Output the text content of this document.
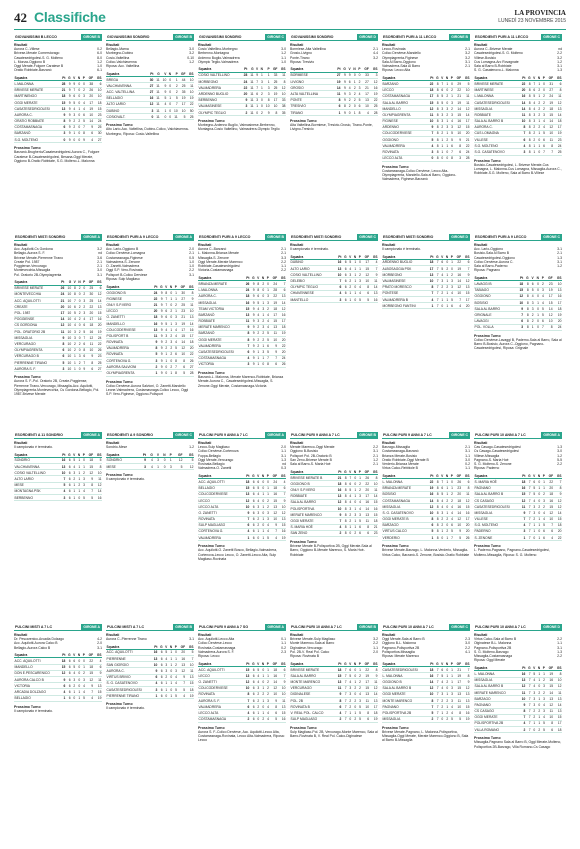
42 Classifiche	LA PROVINCIA
LUNEDÌ 23 NOVEMBRE 2015
GIOVANISSIMI B LECCO	GIRONE B
Risultati
Aurora C.-Villese	0-2
Brivese-Merate Comerstorago	6-0
Casatesedrigolesi-S. G. Molteno	8-0
L. Monza-Oggiono B	1-2
Oggi Merate-Folgore Caratese B	1-0
Oratio Robbiate-Barzanò	6-1
Squadra	Pt	G	V	N	P	GF	GS
L.MALONNA	28	9	9	0	0	38	6
BRIVESE MERATE	21	9	7	0	2	26	10
MARTINENGO	18	9	6	0	3	20	10
OGGI MERATE	15	9	5	0	4	17	18
CASATESEDRIGOLESI	13	9	4	1	4	19	15
AURORA C.	9	9	3	0	6	10	23
ORATIO ROBBIATE	8	9	2	2	5	14	24
COSTAMASNAGA	6	9	2	0	7	9	25
BARZANÒ	3	9	1	0	8	6	30
S.G. MOLTENO	0	9	0	0	9	4	27
Prossimo Turno
Barzanò-Brugherio/Casatesedrigolesi-Aurora C., Folgore Caratese B-Casatesedrigolesi, Besana-Oggi Merate, Oggiono B-Oratio Robbiate, S.G. Molteno-L. Malonna
GIOVANISSIMI SONDRIO	GIRONE B
Risultati
Bellagio-Marna	3-0
Morbegno-Dubino	3-2
Cosio-Valtellina	0-10
Colico-Valchiavenna	1-2
Riposa: Acc. Valtellina
Squadra	Pt	G	V	N	P	GF	GS
BREGA	30	11	10	0	1	44	10
VALCHIAVENNA	27	11	9	0	2	25	11
ACC. VALTELLINA	27	11	9	0	2	35	10
BELLAGIO	16	11	5	1	5	19	19
ALTO LARIO	12	11	4	0	7	17	22
DUBINO	3	11	1	0	10	10	50
COSIOVALT.	0	11	0	0	11	5	25
Prossimo Turno
Alto Lario-Acc. Valtellina, Dubino-Colico, Valchiavenna-Morbegno, Riposa: Cosio-Valtellina
GIOVANISSIMI SONDRIO	GIRONE C
Risultati
Cosio Valtellino-Morbegno	3-0
Berbenno-Montagna	1-2
Ardenno Buglio-Valmadrera	1-1
Olympic Teglio-Valmadrera	1-0
Squadra	Pt	G	V	N	P	GF	GS
COSIO VALTELLINO	28	11	9	1	1	33	11
MORBEGNO	24	11	7	3	1	25	8
VALMADRERA	22	11	7	1	3	25	12
ARDENNO BUGLIO	20	11	6	2	3	19	10
BERBENNO	9	11	3	0	8	17	33
VALMASINESE	3	11	1	0	10	10	38
OLYMPIC TEGLIO	2	11	0	2	9	8	35
Prossimo Turno
Morbegno-Ardenno Buglio, Valmasinese-Berbenno, Montagna-Cosio Valtellino, Valmadrera-Olympic Teglio
GIOVANISSIMI SONDRIO	GIRONE D
Risultati
Bormiese-Alta Valtellina	2-1
Grosio-Livigno	4-4
Ponte-Tirano	3-2
Riposa: Tresivio
Squadra	Pt	G	V	N	P	GF	GS
BORMIESE	27	9	9	0	0	33	3
LIVIGNO	19	9	6	1	2	27	12
GROSIO	14	9	4	2	3	21	16
ALTA VALTELLINA	11	9	3	2	4	17	19
PONTE	8	9	2	2	5	13	22
TRESIVIO	6	8	2	0	6	10	25
TIRANO	1	9	0	1	8	4	28
Prossimo Turno
Alta Valtellina-Bormiese, Tresivio-Grosio, Tirano-Ponte, Livigno-Tresivio
ESORDIENTI PURI A 11 LECCO	GIRONE B
Risultati
Lecco-Rovinata	2-1
Colico Derviese-Mandello	3-2
Olympiagrenta-Figinese	3-2
Sala Al Barro-Oggiono	3-1
Valmadrera-Sala Al Barro	2-1
Riposa: Lecco Alta
Squadra	Pt	G	V	N	P	GF	GS
BARZANO	22	8	7	1	0	29	5
LECCO	18	8	6	0	2	22	10
COSTAMASNAGA	17	8	5	2	1	21	11
SALA AL BARRO	15	8	5	0	3	19	11
MANDELLO	12	8	3	3	2	14	12
OLYMPIAGRENTA	11	8	3	2	3	15	14
FIGINESE	10	8	3	1	4	16	17
ARDENNO	9	8	2	3	3	12	15
COLICODERVIESE	7	8	2	1	5	10	20
OGGIONO	5	8	1	2	5	9	21
VALMADRERA	4	8	1	1	6	8	22
ROVINATA	3	8	1	0	7	6	24
LECCO ALTA	0	8	0	0	8	3	28
Prossimo Turno
Costamasnaga-Colico Derviese, Lecco Alta-Olympiagrenta, Mandello-Sala al Barro, Oggiono-Valmadrera, Figinese-Barzanò
ESORDIENTI PURI A 11 LECCO	GIRONE C
Risultati
Aurora C.-Brivese Merate	nd
Casatesedrigolesi-S. G. Molteno	2-2
Villese-Bosisio	3-2
Cus Lomagna-Arc Rovagnate	1-2
Sala al Barro B-Robbiate	3-1
S. G. Casatenovo-L. Malonna	1-3
Squadra	Pt	G	V	N	P	GF	GS
BRIVESE MERATE	22	8	7	1	0	31	6
MARTINESE	20	8	6	2	0	27	8
L.MALONNA	16	8	5	1	2	24	11
CASATESEDRIGOLESI	14	8	4	2	2	19	12
MISSAGLIA	14	8	4	2	2	18	13
ROBBIATE	11	8	3	2	3	15	14
SALA AL BARRO B	10	8	3	1	4	14	18
AURORA C.	8	8	2	2	4	12	17
CUS LOMAGNA	7	8	2	1	5	10	19
VILLESE	6	8	2	0	6	11	23
S.G. MOLTENO	4	8	1	1	6	8	24
S.G. CASATENOVO	3	8	1	0	7	7	25
Prossimo Turno
Bosisio-Casatesedrigolesi, L. Brivese Merate-Cus Lomagna, L. Malonna-Cus Lomagna, Missaglia-Aurora C., Robbiate-S.G. Molteno, Sala al Barro B-Villese
ESORDIENTI MISTI SONDRIO	GIRONE A
Risultati
Acc. Aquilotti-Cs Gordona	3-2
Bellagio-Aurora S. F.	nd
Brivese Merate-Pierrenne Tirano	3-6
Create Pol. 1987	2-1
Poggiense-Vercurago	2-1
Montevecchia-Missaglia	3-0
Pol. Oratorio 2B-Olympiagrenta	3-1
Squadra	Pt	G	V	N	P	GF	GS
BRIVESE MERATE	26	10	8	2	0	25	6
MONTEVECCHIA	24	10	8	0	2	30	12
ACC. AQUILOTTI	21	10	7	0	3	25	14
CREATE	20	10	6	2	2	22	13
POL. 1987	17	10	5	2	3	20	15
POGGIENSE	14	10	4	2	4	17	16
CS GORDONA	12	10	4	0	6	18	20
POL. ORATORIO 2B	11	10	3	2	5	16	19
MISSAGLIA	9	10	3	0	7	12	24
VERCURAGO	8	10	2	2	6	11	22
OLYMPIAGRENTA	6	10	2	0	8	10	26
VERCURAGO B	6	10	1	3	6	9	23
PIERRENNE TIRANO	5	10	1	2	7	8	25
AURORA S. F.	3	10	1	0	9	6	27
Prossimo Turno
Aurora S. F.-Pol. Oratorio 2B, Create-Poggiense, Pierrenne Tirano-Vercurago, Missaglia-Acc. Aquilotti, Olympiagrenta-Montevecchia, Cs Gordona-Bellagio, Pol. 1987-Brivese Merate
ESORDIENTI PURI A 9 LECCO	GIRONE A
Risultati
Acc. Lario-Oggiono B	2-0
Colico Derviese-Lomagna	2-1
Costamasnaga-Figinese	0-5
Valmadrera-S. Zenone	1-0
O. Zanetti-Valmadrera	1-0
Oggi S.P. Vero-Rovinata	2-2
Polisport B-Colico Derviese	3-1
Riposa: Sulp Magliaso
Squadra	Pt	G	V	N	P	GF	GS
OGGIONO B	24	9	8	0	1	30	8
FIGINESE	22	9	7	1	1	27	9
ONLY S.P.VERO	21	9	7	0	2	25	11
LECCO	20	9	6	2	1	23	10
O. ZANETTI	18	9	6	0	3	21	13
MANDELLO	16	9	5	1	3	19	14
COLICODERVIESE	13	9	4	1	4	17	16
POLISPORT B	11	9	3	2	4	15	17
ROVINATA	9	9	2	3	4	14	18
VALMADRERA	8	9	2	2	5	12	20
ROVINATA	5	9	1	2	6	10	22
CORTENOVA G.	3	9	1	0	8	8	26
AURORA SALVIONI	2	9	0	2	7	6	27
OLYMPIAGRENTA	1	9	0	1	8	5	28
Prossimo Turno
Colico Derviese-Aurora Salvioni, O. Zanetti-Mandello Leone-Valmadrera, Costamasnaga-Colico Lecco, Oggi S.P. Vero-Figinese, Oggiono-Polisport
ESORDIENTI PURI A 9 LECCO	GIRONE B
Risultati
Aurora C.-Barzanò	2-1
L. Malonna-Brianza Merate	2-1
Missaglia-S. Zenone	3-3
Oggi Merate-Merate Marenco	2-2
Robbiate-Casatesedrigolesi	1-1
Victoria-Costamasnaga	2-2
Squadra	Pt	G	V	N	P	GF	GS
BRIANZA MERATE	26	9	8	2	0	24	7
L.MALONNA	24	9	8	0	1	28	6
AURORA C.	18	9	6	0	3	22	13
MISSAGLIA	16	9	5	1	3	19	14
TEAM VICTORIA	15	9	4	3	2	18	12
BARZANÒ	13	9	4	1	4	17	16
ROBBIATE	11	9	3	2	4	15	17
MERATE MARENCO	9	9	2	3	4	13	18
BARZANÒ	8	9	2	2	5	11	19
OGGI MERATE	8	9	2	2	5	10	20
VALMADRERA	7	9	2	1	6	9	22
CASATESEDRIGOLESI	6	9	1	3	5	9	20
COSTAMASNAGA	4	9	1	1	7	7	24
VICTORIA	3	9	1	0	8	6	26
Prossimo Turno
Barzanò-L. Malonna, Merate Marenco-Robbiate, Brianza Merate-Aurora C., Casatesedrigolesi-Missaglia, S. Zenone-Oggi Merate, Costamasnaga-Victoria
ESORDIENTI MISTI SONDRIO	GIRONE C
Risultati
Il campionato è terminato.
Squadra	Pt	G	V	N	P	GF	GS
DUBINO	16	6	5	1	0	17	4
ALTO LARIO	13	6	4	1	1	15	7
COSIO VALTELLINO	10	6	3	1	2	12	9
DELEBIO	7	6	2	1	3	10	11
OLYMPIC TEGLIO	6	6	2	0	4	8	14
CHIAVENNESE	4	6	1	1	4	6	13
MANTELLO	3	6	1	0	5	5	16
ESORDIENTI MISTI SONDRIO	GIRONE D
Risultati
Il campionato è terminato.
Squadra	Pt	G	V	N	P	GF	GS
ARDENNO BUGLIO	18	7	6	0	1	22	6
ALBOSAGGIA PSK	17	7	5	2	0	19	7
MORBEGNO	13	7	4	1	2	16	9
VALMASINESE	10	7	3	1	3	14	12
PRATO MORESCO	8	7	2	2	3	12	13
PONTESE	7	7	2	1	4	10	15
VALMADRERA B	4	7	1	1	5	7	17
MORBEGNO FANTINI	1	7	0	1	6	4	20
ESORDIENTI PURI A 9 LECCO	GIRONE C
Risultati
Acc. Lario-Oggiono	3-1
Bosisio-Sala Al Barro B	2-1
Casatesedrigolesi-Oggiono	1-3
Colico Derviese-Aurora C.	3-1
Sala al Barro-Paderno	1-2
Riposa: Pagnano
Squadra	Pt	G	V	N	P	GF	GS
LAVAGGI B	18	8	6	0	2	23	10
TABIAGO	15	8	5	0	3	19	13
OGGIONO	12	8	4	0	4	17	16
BOSISIO	10	8	3	1	4	15	17
SALA AL BARRO	9	8	3	0	5	14	18
GRIGNALE	7	8	2	1	5	12	19
LAVAGGI	6	8	2	0	6	10	20
POL. VOLLA	3	8	1	0	7	8	24
Prossimo Turno
Colico Derviese-Lavaggi B, Paderno-Sala al Barro, Sala al Barro B-Bosisio, Aurora C.-Oggiono, Pagnano-Casatesedrigolesi, Riposa: Grignale
ESORDIENTI A 11 SONDRIO	GIRONE A
Risultati
Il campionato è terminato.
Squadra	Pt	G	V	N	P	GF	GS
SONDRIO	16	6	5	1	0	18	5
VALCHIAVENNA	13	6	4	1	1	15	8
COSIO VALTELLINO	10	6	3	1	2	12	10
ALTO LARIO	7	6	2	1	3	9	11
MESE	5	6	1	2	3	8	12
MONTAGNA PSK	4	6	1	1	4	7	14
BERBENNO	3	6	1	0	5	5	16
ESORDIENTI A 9 SONDRIO	GIRONE C
Risultati
Sondrio-Mese	1-2
Squadra	Pt	G	V	N	P	GF	GS
SONDRIO	9	4	3	0	1	12	5
MESE	3	4	1	0	3	5	12
Prossimo Turno
Il campionato è terminato.
PULCINI PURI 9 ANNI A 7 LC	GIRONE A
Risultati
Lecco-Sulp Magliaso	2-0
Colico Derviese-Cortenova	1-1
Foppa-Bellagio	3-1
Oggi Merate-Vercurago	1-3
Rovinata-Bellagio	nd
Valmadrera-O. Zanetti	0-3
Squadra	Pt	G	V	N	P	GF	GS
ACC. AQUILOTTI	18	6	6	0	0	24	4
BELLAGIO	15	6	5	0	1	18	6
COLICODERVIESE	13	6	4	1	1	16	7
LECCO	12	6	4	0	2	15	9
LECCO ALTA	10	6	3	1	2	13	10
O. ZANETTI	9	6	3	0	3	12	12
ROVINATA	7	6	2	1	3	10	13
SULP MAGLIASO	6	6	2	0	4	9	15
CORTENOVA G.	4	6	1	1	4	7	16
VALMADRERA	1	6	0	1	5	4	19
Prossimo Turno
Acc. Aquilotti-O. Zanetti Bosco, Bellagio-Valmadrera, Cortenova-Lecco Lecco, O. Zanetti-Lecco Alta, Sulp Magliaso-Rovinata
PULCINI PURI 9 ANNI A 7 LC	GIRONE B
Risultati
Merate Marenco-Oggi Merate	2-2
Oggiono B-Bosisio	3-1
Polisport Pol. 2B-Oratorio B	2-1
San Zeno-Brivese Merate B	1-2
Sala al Barro-S. Maria Hoè	2-1
Squadra	Pt	G	V	N	P	GF	GS
BRIVESE MERATE B	21	8	7	0	1	26	8
OGGIONO B	18	8	6	0	2	22	10
ONLY S.P.VERO	16	8	5	1	2	20	11
ROBBIATE	13	8	4	1	3	17	14
SALA AL BARRO	12	8	4	0	4	16	15
POLISPORTIVA	10	8	3	1	4	14	16
MERATE MARENCO	9	8	2	3	3	13	15
OGGI MERATE	7	8	2	1	5	11	18
S. MARIA HOÈ	4	8	1	1	6	8	21
SAN ZENO	2	8	0	2	6	6	23
Prossimo Turno
Brivese Merate B-Polisportiva 2B, Oggi Merate-Sala al Barro, Oggiono B-Merate Marenco, S. Maria Hoè-Robbiate
PULCINI PURI 9 ANNI A 7 LC	GIRONE C
Risultati
Barzago-Missaglia	2-1
Costamasnaga-Barzanò	3-1
Brianza Merate-Bosisio	1-1
Oratio Robbiate-Oggi Merate B	3-0
Verderio-Brianza Merate	0-2
Virtus Calco-Rebbiole B	1-1
Squadra	Pt	G	V	N	P	GF	GS
L. MALONNA	22	8	7	1	0	26	6
BRIANZA MERATE	19	8	6	1	1	23	8
BOSISIO	16	8	5	1	2	20	11
COSTAMASNAGA	14	8	4	2	2	18	12
MISSAGLIA	12	8	4	0	4	16	15
S. G. CASATENOVO	10	8	3	1	4	14	16
OGGI MERATE B	8	8	2	2	4	12	17
BARZAGO	6	8	2	0	6	10	20
VIRTUS CALCO	5	8	1	2	5	9	20
VERDERIO	1	8	0	1	7	5	26
Prossimo Turno
Brivese Merate-Barzago, L. Malonna-Verderio, Missaglia-Virtus Calco, Barzanò-S. Zenone, Bosisio-Oratio Robbiate
PULCINI PURI 10 ANNI A 7 LC	GIRONE A
Risultati
Cas Casago-Casatesedrigolesi	1-3
Cs Casago-Casatesedrigolesi	3-0
Villese-Missaglia	1-2
Pagnano-S. Maria Hoè	5-5
S. G. Molteno-S. Zenone	2-2
Riposa: Paderno
Squadra	Pt	G	V	N	P	GF	GS
S. MARIA HOÈ	18	7	6	0	1	22	7
PAGNANO	16	7	5	1	1	20	8
SALA AL BARRO B	15	7	5	0	2	18	9
CS CASAGO	12	7	4	0	3	16	12
CASATESEDRIGOLESI	11	7	3	2	2	15	12
MISSAGLIA	9	7	3	0	4	12	14
VILLESE	7	7	2	1	4	10	15
S.G. MOLTENO	4	7	1	1	5	7	18
PADERNO	3	7	1	0	6	6	20
S. ZENONE	1	7	0	1	6	4	22
Prossimo Turno
L. Paderno-Pagnano, Pagnano-Casatesedrigolesi, Molteno-Missaglia, Riposa: S. G. Molteno
PULCINI MISTI A 7 LC	GIRONE A
Risultati
Dr. Pescarenico-Arcadia Dolzago	4-2
Acc. Aquilotti-Aurora Calco B	2-0
Bellagio-Aurora Calco B	3-1
Squadra	Pt	G	V	N	P	GF	GS
ACC. AQUILOTTI	18	6	6	0	0	22	4
MANDELLO	15	6	5	0	1	18	6
DON E.PESCARENICO	12	6	4	0	2	15	9
AURORA CALCO B	9	6	3	0	3	12	11
VICTORIA	6	6	2	0	4	9	13
ARCADIA DOLZAGO	4	6	1	1	4	7	15
BELLAGIO	1	6	0	1	5	4	19
Prossimo Turno
Il campionato è terminato.
PULCINI MISTI A 7 LC	GIRONE B
Risultati
Aurora C.-Pierrenne Tirano	3-1
Squadra	Pt	G	V	N	P	GF	GS
ACC. AQUILOTTI	16	6	5	1	0	20	5
PIERRENNE	13	6	4	1	1	16	7
SAN GIORGIO	10	6	3	1	2	13	10
AURORA C.	9	6	3	0	3	12	11
VIRTUS BRIVIO	6	6	2	0	4	9	13
S. G. CASATENOVO	4	6	1	1	4	7	15
CASATESEDRIGOLESI	3	6	1	0	5	5	18
PIERRENNE TIRANO	1	6	0	1	5	4	19
Prossimo Turno
Il campionato è terminato.
PULCINI PURI 9 ANNI A 7 SO	GIRONE A
Risultati
Acc. Aquilotti-Lecco Alta	0-1
Colico Derviese-Lecco	1-1
Rovinata-Costamasnaga	0-2
Valmadrera-Aurora S. F.	2-3
Riposa: Lecco
Squadra	Pt	G	V	N	P	GF	GS
ACC. AQUILOTTI	15	6	5	0	1	18	6
LECCO	13	6	4	1	1	16	7
O. ZANETTI	12	6	4	0	2	14	9
COLICODERVIESE	10	6	3	1	2	12	10
ROVINATA	8	6	2	2	2	10	10
AURORA S. F.	7	6	2	1	3	9	11
VALMADRERA	6	6	2	0	4	8	13
LECCO ALTA	4	6	1	1	4	6	15
COSTAMASNAGA	2	6	0	2	4	5	16
Prossimo Turno
Aurora S. F.-Colico Derviese, Acc. Aquilotti-Lecco Alta, Costamasnaga-Rovinata, Lecco Alta-Valmadrera, Riposa: Lecco
PULCINI PURI 10 ANNI A 7 LC	GIRONE B
Risultati
Brivese Merate-Sulp Magliaso	3-2
Monte Marenco-Sala al Barro	2-2
Diginalese-Vercurago	1-1
Pol. 2B-V. Real Pol. Calco	2-0
Riposa: Rovinata B
Squadra	Pt	G	V	N	P	GF	GS
BRIVESE MERATE	18	7	6	0	1	22	8
SALA AL BARRO	15	7	5	0	2	19	9
MONTE MARENCO	13	7	4	1	2	17	11
VERCURAGO	11	7	3	2	2	15	12
DIGINALESE	9	7	3	0	4	13	14
POL. 2B	8	7	2	2	3	11	13
ROVINATA B	6	7	2	0	5	10	17
V. REAL POL. CALCO	4	7	1	1	5	8	18
SULP MAGLIASO	2	7	0	2	5	6	19
Prossimo Turno
Sulp Magliaso-Pol. 2B, Vercurago-Monte Marenco, Sala al Barro-Rovinata B, V. Real Pol. Calco-Diginalese
PULCINI PURI 10 ANNI A 7 LC	GIRONE C
Risultati
Oggi Merate-Sala al Barro B	2-3
Oggiono B-L. Malonna	3-0
Pagnano-Polisportiva 2B	2-2
Polisportiva-Missaglia	4-1
Riposa: Merate Marenco
Squadra	Pt	G	V	N	P	GF	GS
CASATESEDRIGOLESI	18	7	6	0	1	21	7
L. MALONNA	16	7	5	1	1	19	8
OGGIONO B	14	7	4	2	1	17	9
SALA AL BARRO B	12	7	4	0	3	15	12
OGGI MERATE	10	7	3	1	3	13	13
MONTE MARENCO	8	7	2	2	3	11	13
PAGNANO	7	7	2	1	4	10	15
POLISPORTIVA 2B	5	7	1	2	4	8	16
MISSAGLIA	2	7	0	2	5	5	19
Prossimo Turno
Brivese Merate-Pagnano, L. Malonna-Polisportiva, Missaglia-Oggi Merate, Merate Marenco-Oggiono B, Sala al Barro B-Missaglia
PULCINI PURI 10 ANNI A 7 LC	GIRONE D
Risultati
Virtus Calco-Sala al Barro B	2-2
Olginatese B-L. Malonna	1-1
Pagnano-Polisportiva 2B	3-1
S. G. Molteno-Barzago	1-3
Missaglia-Costamasnaga	2-2
Riposa: Oggi Merate
Squadra	Pt	G	V	N	P	GF	GS
L. MALONNA	16	7	5	1	1	19	8
MISSAGLIA	13	7	4	1	2	16	10
SALA AL BARRO B	12	7	4	0	3	15	12
MERATE MARENCO	11	7	3	2	2	14	11
BARZAGO	10	7	3	1	3	13	13
PAGNANO	9	7	3	0	4	12	14
CS CASAGO	8	7	2	2	3	11	13
OGGI MERATE	7	7	2	1	4	10	15
POLISPORTIVA 2B	4	7	1	1	5	8	17
VILLA ROMANO	2	7	0	2	5	6	18
Prossimo Turno
Missaglia-Pagnano Sala al Barro B, Oggi Merate-Molteno, Polisportiva 2B-Barzago, Villa Romano-Cs Casago
